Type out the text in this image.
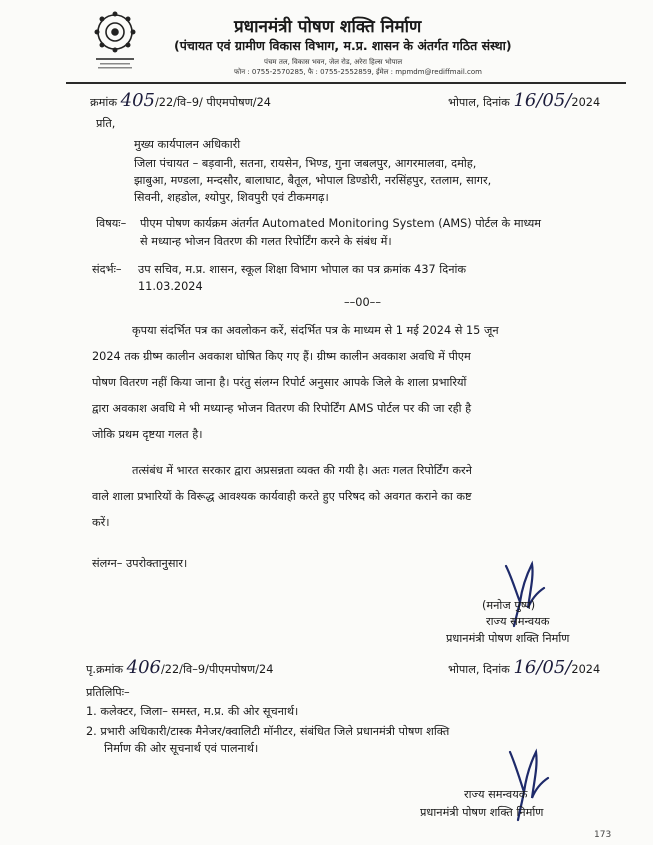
प्रधानमंत्री पोषण शक्ति निर्माण
(पंचायत एवं ग्रामीण विकास विभाग, म.प्र. शासन के अंतर्गत गठित संस्था)
पंचम तल, विकास भवन, जेल रोड, अरेरा हिल्स भोपाल
फोन : 0755-2570285, फै : 0755-2552859, ईमेल : mpmdm@rediffmail.com
क्रमांक 405/22/वि–9/ पीएमपोषण/24	भोपाल, दिनांक 16/05/2024
प्रति,
मुख्य कार्यपालन अधिकारी
जिला पंचायत – बड़वानी, सतना, रायसेन, भिण्ड, गुना जबलपुर, आगरमालवा, दमोह,
झाबुआ, मण्डला, मन्दसौर, बालाघाट, बैतूल, भोपाल डिण्डोरी, नरसिंहपुर, रतलाम, सागर,
सिवनी, शहडोल, श्योपुर, शिवपुरी एवं टीकमगढ़।
विषयः– पीएम पोषण कार्यक्रम अंतर्गत Automated Monitoring System (AMS) पोर्टल के माध्यम
से मध्यान्ह भोजन वितरण की गलत रिपोर्टिंग करने के संबंध में।
संदर्भः– उप सचिव, म.प्र. शासन, स्कूल शिक्षा विभाग भोपाल का पत्र क्रमांक 437 दिनांक
11.03.2024
––00––
कृपया संदर्भित पत्र का अवलोकन करें, संदर्भित पत्र के माध्यम से 1 मई 2024 से 15 जून
2024 तक ग्रीष्म कालीन अवकाश घोषित किए गए हैं। ग्रीष्म कालीन अवकाश अवधि में पीएम
पोषण वितरण नहीं किया जाना है। परंतु संलग्न रिपोर्ट अनुसार आपके जिले के शाला प्रभारियों
द्वारा अवकाश अवधि मे भी मध्यान्ह भोजन वितरण की रिपोर्टिंग AMS पोर्टल पर की जा रही है
जोकि प्रथम दृष्टया गलत है।
तत्संबंध में भारत सरकार द्वारा अप्रसन्नता व्यक्त की गयी है। अतः गलत रिपोर्टिंग करने
वाले शाला प्रभारियों के विरूद्ध आवश्यक कार्यवाही करते हुए परिषद को अवगत कराने का कष्ट
करें।
संलग्न– उपरोक्तानुसार।
(मनोज पुष्प)
राज्य समन्वयक
प्रधानमंत्री पोषण शक्ति निर्माण
पृ.क्रमांक 406/22/वि–9/पीएमपोषण/24	भोपाल, दिनांक 16/05/2024
प्रतिलिपिः–
1. कलेक्टर, जिला– समस्त, म.प्र. की ओर सूचनार्थ।
2. प्रभारी अधिकारी/टास्क मैनेजर/क्वालिटी मॉनीटर, संबंधित जिले प्रधानमंत्री पोषण शक्ति
निर्माण की ओर सूचनार्थ एवं पालनार्थ।
राज्य समन्वयक
प्रधानमंत्री पोषण शक्ति निर्माण
173
